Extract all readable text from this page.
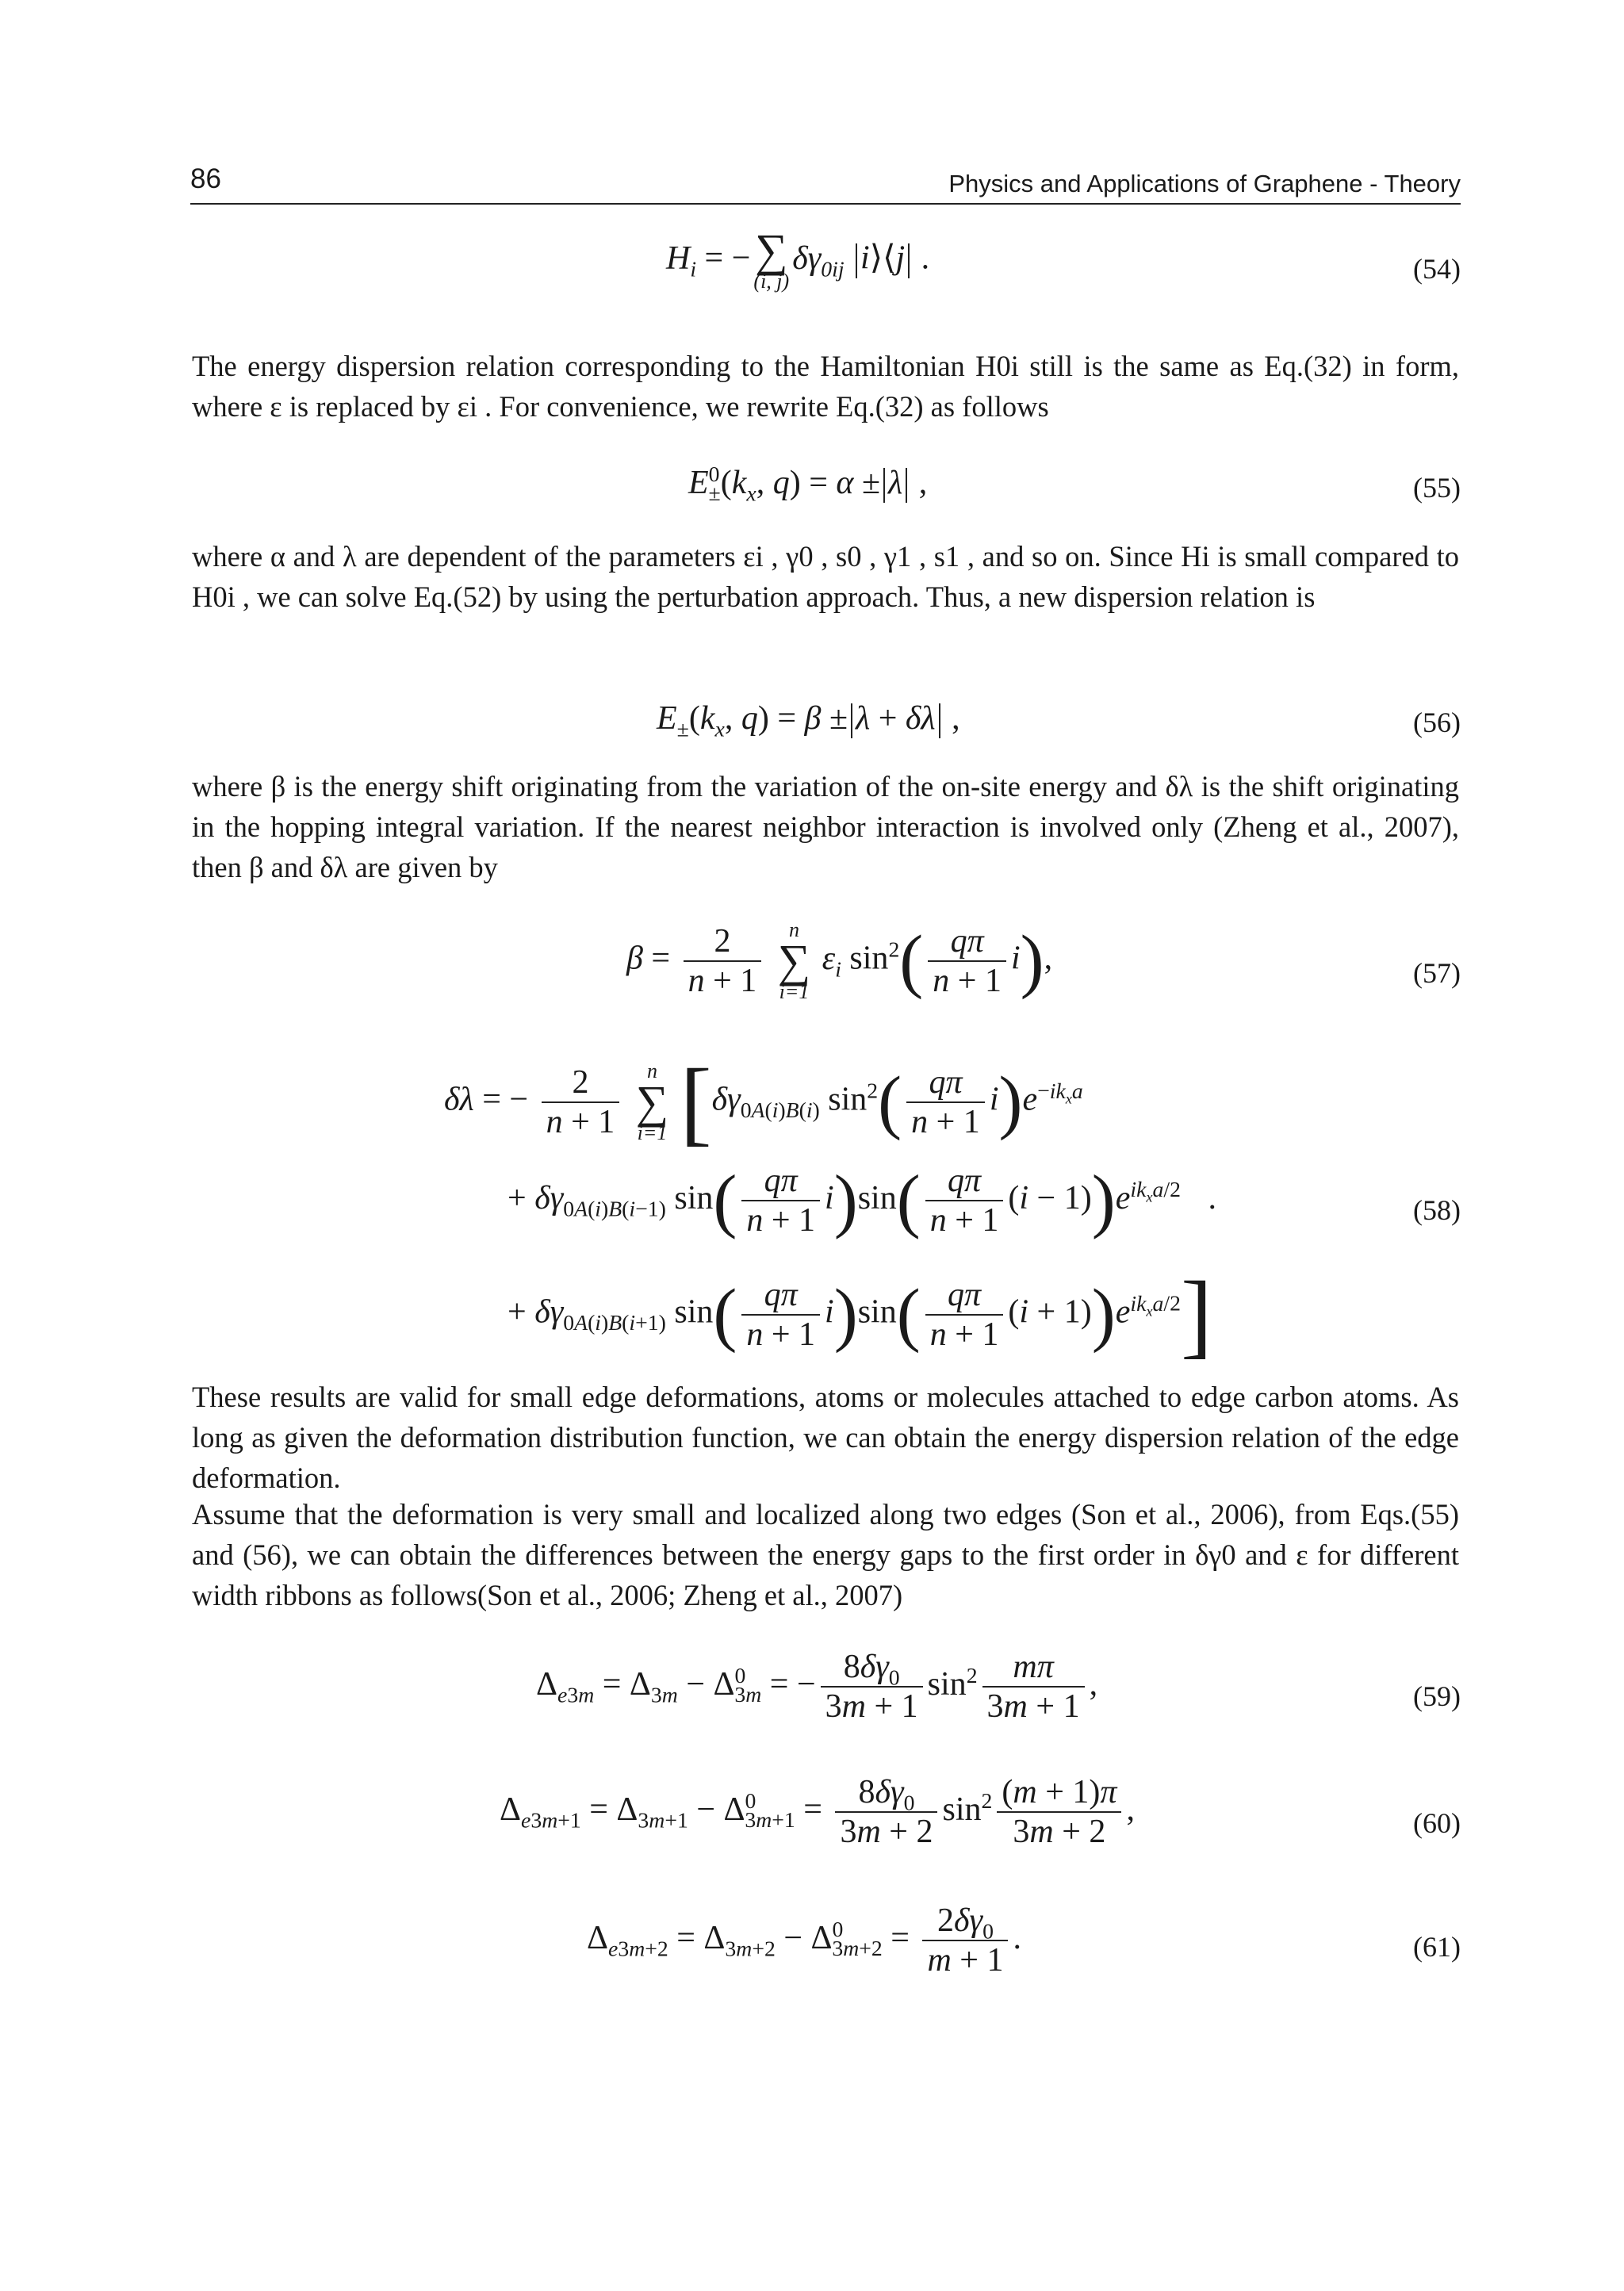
86	Physics and Applications of Graphene - Theory
$H_i$ = − ∑
(i, j)
$\delta\gamma_{0ij}$ i⟩⟨j .	(54)

The energy dispersion relation corresponding to the Hamiltonian H0i still is the same as Eq.(32) in form, where ε is replaced by εi . For convenience, we rewrite Eq.(32) as follows

$E^0_\pm(k_x$, q) = α ± λ ,	(55)

where α and λ are dependent of the parameters εi , γ0 , s0 , γ1 , s1 , and so on. Since Hi is small compared to H0i , we can solve Eq.(52) by using the perturbation approach. Thus, a new dispersion relation is

$E_\pm(k_x$, q) = β ± λ + δλ ,	(56)

where β is the energy shift originating from the variation of the on-site energy and δλ is the shift originating in the hopping integral variation. If the nearest neighbor interaction is involved only (Zheng et al., 2007), then β and δλ are given by

$\beta = \frac{2}{n + 1}$
	n
∑
i=1
$\varepsilon_i$ $\sin^2( \frac{q\pi}{n + 1} i)$,	(57)
δλ = − $\frac{2}{n + 1}$
	n
∑
i=1 [$\delta\gamma_{0A(i)B(i)}$ $\sin^2( \frac{q\pi}{n + 1} i)e^{-ik_xa}$
+ $\delta\gamma_{0A(i)B(i-1)}$ $\sin( \frac{q\pi}{n + 1} i)\sin( \frac{q\pi}{n + 1} (i - 1))e^{ik_xa/2}$ .	(58)
+ $\delta\gamma_{0A(i)B(i+1)}$ $\sin( \frac{q\pi}{n + 1} i)\sin( \frac{q\pi}{n + 1} (i + 1))e^{ik_xa/2}$]

These results are valid for small edge deformations, atoms or molecules attached to edge carbon atoms. As long as given the deformation distribution function, we can obtain the energy dispersion relation of the edge deformation.

Assume that the deformation is very small and localized along two edges (Son et al., 2006), from Eqs.(55) and (56), we can obtain the differences between the energy gaps to the first order in δγ0 and ε for different width ribbons as follows(Son et al., 2006; Zheng et al., 2007)

$\Delta_{e3m} = \Delta_{3m} - \Delta^0_{3m}$ = − $\frac{8\delta\gamma_0}{3m + 1} \sin^2 \frac{m\pi}{3m + 1}$ ,	(59)
$\Delta_{e3m+1} = \Delta_{3m+1} - \Delta^0_{3m+1} = \frac{8\delta\gamma_0}{3m + 2} \sin^2 \frac{(m + 1)\pi}{3m + 2}$ ,	(60)
$\Delta_{e3m+2} = \Delta_{3m+2} - \Delta^0_{3m+2} = \frac{2\delta\gamma_0}{m + 1}$ .	(61)
